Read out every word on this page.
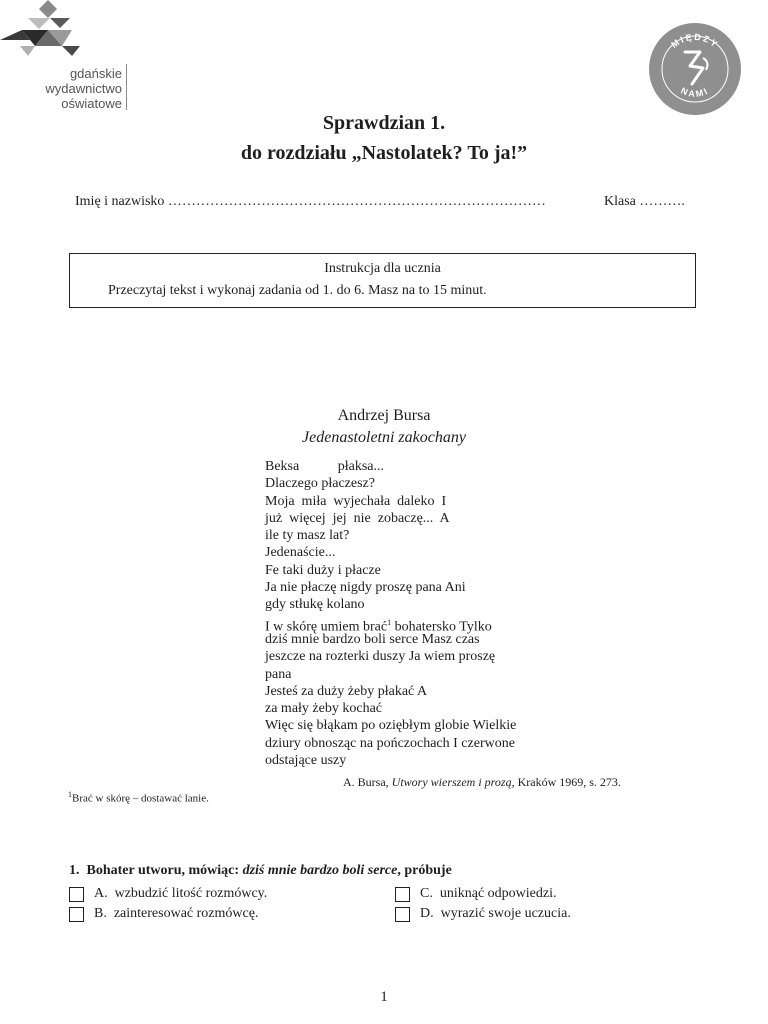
gdańskie
wydawnictwo
oświatowe
MIĘDZY
NAMI
Sprawdzian 1.
do rozdziału „Nastolatek? To ja!”
Imię i nazwisko ………………………………………………………………………	Klasa ……….
Instrukcja dla ucznia
Przeczytaj tekst i wykonaj zadania od 1. do 6. Masz na to 15 minut.
Andrzej Bursa
Jedenastoletni zakochany
Beksa           płaksa...
Dlaczego płaczesz?
Moja  miła  wyjechała  daleko  I
już  więcej  jej  nie  zobaczę...  A
ile ty masz lat?
Jedenaście...
Fe taki duży i płacze
Ja nie płaczę nigdy proszę pana Ani
gdy stłukę kolano
I w skórę umiem brać$^1$ bohatersko Tylko
dziś mnie bardzo boli serce Masz czas
jeszcze na rozterki duszy Ja wiem proszę
pana
Jesteś za duży żeby płakać A
za mały żeby kochać
Więc się błąkam po oziębłym globie Wielkie
dziury obnosząc na pończochach I czerwone
odstające uszy
A. Bursa, Utwory wierszem i prozą, Kraków 1969, s. 273.
$^1$Brać w skórę – dostawać lanie.
1.  Bohater utworu, mówiąc: dziś mnie bardzo boli serce, próbuje
A.  wzbudzić litość rozmówcy.
B.  zainteresować rozmówcę.
C.  uniknąć odpowiedzi.
D.  wyrazić swoje uczucia.
1
